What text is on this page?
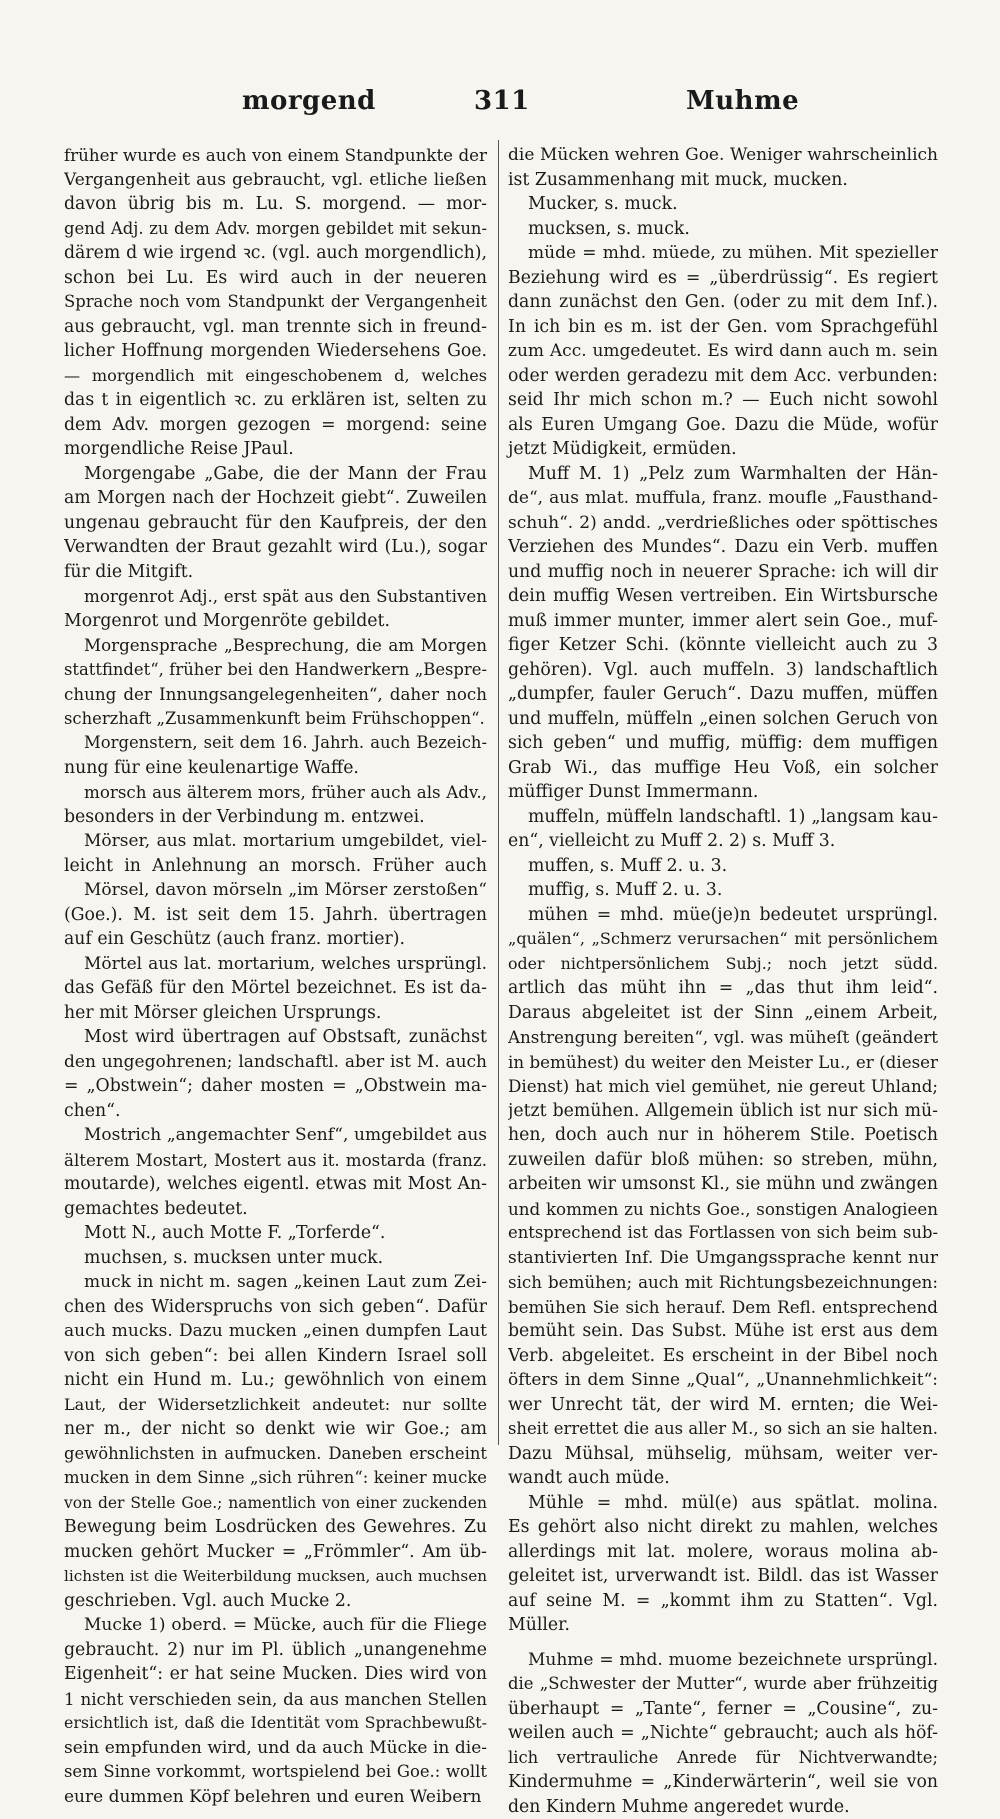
morgend	311	Muhme
früher wurde es auch von einem Standpunkte der
Vergangenheit aus gebraucht, vgl. etliche ließen
davon übrig bis m. Lu. S. morgend. — mor-
gend Adj. zu dem Adv. morgen gebildet mit sekun-
därem d wie irgend ꝛc. (vgl. auch morgendlich),
schon bei Lu. Es wird auch in der neueren
Sprache noch vom Standpunkt der Vergangenheit
aus gebraucht, vgl. man trennte sich in freund-
licher Hoffnung morgenden Wiedersehens Goe.
— morgendlich mit eingeschobenem d, welches
das t in eigentlich ꝛc. zu erklären ist, selten zu
dem Adv. morgen gezogen = morgend: seine
morgendliche Reise JPaul.
Morgengabe „Gabe, die der Mann der Frau
am Morgen nach der Hochzeit giebt“. Zuweilen
ungenau gebraucht für den Kaufpreis, der den
Verwandten der Braut gezahlt wird (Lu.), sogar
für die Mitgift.
morgenrot Adj., erst spät aus den Substantiven
Morgenrot und Morgenröte gebildet.
Morgensprache „Besprechung, die am Morgen
stattfindet“, früher bei den Handwerkern „Bespre-
chung der Innungsangelegenheiten“, daher noch
scherzhaft „Zusammenkunft beim Frühschoppen“.
Morgenstern, seit dem 16. Jahrh. auch Bezeich-
nung für eine keulenartige Waffe.
morsch aus älterem mors, früher auch als Adv.,
besonders in der Verbindung m. entzwei.
Mörser, aus mlat. mortarium umgebildet, viel-
leicht in Anlehnung an morsch. Früher auch
Mörsel, davon mörseln „im Mörser zerstoßen“
(Goe.). M. ist seit dem 15. Jahrh. übertragen
auf ein Geschütz (auch franz. mortier).
Mörtel aus lat. mortarium, welches ursprüngl.
das Gefäß für den Mörtel bezeichnet. Es ist da-
her mit Mörser gleichen Ursprungs.
Most wird übertragen auf Obstsaft, zunächst
den ungegohrenen; landschaftl. aber ist M. auch
= „Obstwein“; daher mosten = „Obstwein ma-
chen“.
Mostrich „angemachter Senf“, umgebildet aus
älterem Mostart, Mostert aus it. mostarda (franz.
moutarde), welches eigentl. etwas mit Most An-
gemachtes bedeutet.
Mott N., auch Motte F. „Torferde“.
muchsen, s. mucksen unter muck.
muck in nicht m. sagen „keinen Laut zum Zei-
chen des Widerspruchs von sich geben“. Dafür
auch mucks. Dazu mucken „einen dumpfen Laut
von sich geben“: bei allen Kindern Israel soll
nicht ein Hund m. Lu.; gewöhnlich von einem
Laut, der Widersetzlichkeit andeutet: nur sollte
ner m., der nicht so denkt wie wir Goe.; am
gewöhnlichsten in aufmucken. Daneben erscheint
mucken in dem Sinne „sich rühren“: keiner mucke
von der Stelle Goe.; namentlich von einer zuckenden
Bewegung beim Losdrücken des Gewehres. Zu
mucken gehört Mucker = „Frömmler“. Am üb-
lichsten ist die Weiterbildung mucksen, auch muchsen
geschrieben. Vgl. auch Mucke 2.
Mucke 1) oberd. = Mücke, auch für die Fliege
gebraucht. 2) nur im Pl. üblich „unangenehme
Eigenheit“: er hat seine Mucken. Dies wird von
1 nicht verschieden sein, da aus manchen Stellen
ersichtlich ist, daß die Identität vom Sprachbewußt-
sein empfunden wird, und da auch Mücke in die-
sem Sinne vorkommt, wortspielend bei Goe.: wollt
eure dummen Köpf belehren und euren Weibern
die Mücken wehren Goe. Weniger wahrscheinlich
ist Zusammenhang mit muck, mucken.
Mucker, s. muck.
mucksen, s. muck.
müde = mhd. müede, zu mühen. Mit spezieller
Beziehung wird es = „überdrüssig“. Es regiert
dann zunächst den Gen. (oder zu mit dem Inf.).
In ich bin es m. ist der Gen. vom Sprachgefühl
zum Acc. umgedeutet. Es wird dann auch m. sein
oder werden geradezu mit dem Acc. verbunden:
seid Ihr mich schon m.? — Euch nicht sowohl
als Euren Umgang Goe. Dazu die Müde, wofür
jetzt Müdigkeit, ermüden.
Muff M. 1) „Pelz zum Warmhalten der Hän-
de“, aus mlat. muffula, franz. moufle „Fausthand-
schuh“. 2) andd. „verdrießliches oder spöttisches
Verziehen des Mundes“. Dazu ein Verb. muffen
und muffig noch in neuerer Sprache: ich will dir
dein muffig Wesen vertreiben. Ein Wirtsbursche
muß immer munter, immer alert sein Goe., muf-
figer Ketzer Schi. (könnte vielleicht auch zu 3
gehören). Vgl. auch muffeln. 3) landschaftlich
„dumpfer, fauler Geruch“. Dazu muffen, müffen
und muffeln, müffeln „einen solchen Geruch von
sich geben“ und muffig, müffig: dem muffigen
Grab Wi., das muffige Heu Voß, ein solcher
müffiger Dunst Immermann.
muffeln, müffeln landschaftl. 1) „langsam kau-
en“, vielleicht zu Muff 2. 2) s. Muff 3.
muffen, s. Muff 2. u. 3.
muffig, s. Muff 2. u. 3.
mühen = mhd. müe(je)n bedeutet ursprüngl.
„quälen“, „Schmerz verursachen“ mit persönlichem
oder nichtpersönlichem Subj.; noch jetzt südd.
artlich das müht ihn = „das thut ihm leid“.
Daraus abgeleitet ist der Sinn „einem Arbeit,
Anstrengung bereiten“, vgl. was müheſt (geändert
in bemühest) du weiter den Meister Lu., er (dieser
Dienst) hat mich viel gemühet, nie gereut Uhland;
jetzt bemühen. Allgemein üblich ist nur sich mü-
hen, doch auch nur in höherem Stile. Poetisch
zuweilen dafür bloß mühen: so streben, mühn,
arbeiten wir umsonst Kl., sie mühn und zwängen
und kommen zu nichts Goe., sonstigen Analogieen
entsprechend ist das Fortlassen von sich beim sub-
stantivierten Inf. Die Umgangssprache kennt nur
sich bemühen; auch mit Richtungsbezeichnungen:
bemühen Sie sich herauf. Dem Refl. entsprechend
bemüht sein. Das Subst. Mühe ist erst aus dem
Verb. abgeleitet. Es erscheint in der Bibel noch
öfters in dem Sinne „Qual“, „Unannehmlichkeit“:
wer Unrecht tät, der wird M. ernten; die Wei-
sheit errettet die aus aller M., so sich an sie halten.
Dazu Mühsal, mühselig, mühsam, weiter ver-
wandt auch müde.
Mühle = mhd. mül(e) aus spätlat. molina.
Es gehört also nicht direkt zu mahlen, welches
allerdings mit lat. molere, woraus molina ab-
geleitet ist, urverwandt ist. Bildl. das ist Wasser
auf seine M. = „kommt ihm zu Statten“. Vgl.
Müller.
Muhme = mhd. muome bezeichnete ursprüngl.
die „Schwester der Mutter“, wurde aber frühzeitig
überhaupt = „Tante“, ferner = „Cousine“, zu-
weilen auch = „Nichte“ gebraucht; auch als höf-
lich vertrauliche Anrede für Nichtverwandte;
Kindermuhme = „Kinderwärterin“, weil sie von
den Kindern Muhme angeredet wurde.
